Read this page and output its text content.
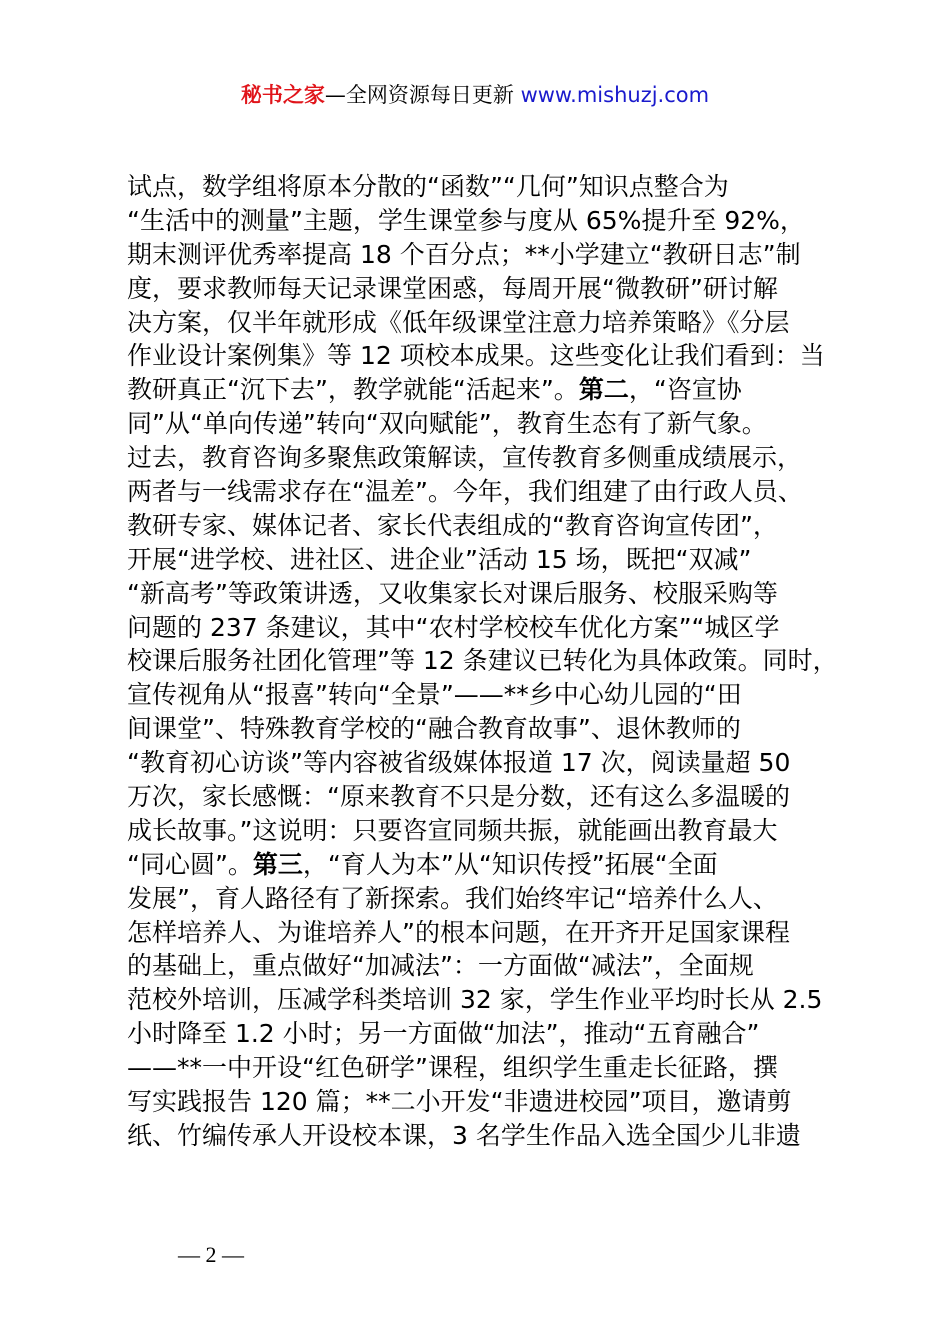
秘书之家—全网资源每日更新 www.mishuzj.com
试点，数学组将原本分散的“函数”“几何”知识点整合为
“生活中的测量”主题，学生课堂参与度从 65%提升至 92%，
期末测评优秀率提高 18 个百分点；**小学建立“教研日志”制
度，要求教师每天记录课堂困惑，每周开展“微教研”研讨解
决方案，仅半年就形成《低年级课堂注意力培养策略》《分层
作业设计案例集》等 12 项校本成果。这些变化让我们看到：当
教研真正“沉下去”，教学就能“活起来”。第二，“咨宣协
同”从“单向传递”转向“双向赋能”，教育生态有了新气象。
过去，教育咨询多聚焦政策解读，宣传教育多侧重成绩展示，
两者与一线需求存在“温差”。今年，我们组建了由行政人员、
教研专家、媒体记者、家长代表组成的“教育咨询宣传团”，
开展“进学校、进社区、进企业”活动 15 场，既把“双减”
“新高考”等政策讲透，又收集家长对课后服务、校服采购等
问题的 237 条建议，其中“农村学校校车优化方案”“城区学
校课后服务社团化管理”等 12 条建议已转化为具体政策。同时，
宣传视角从“报喜”转向“全景”——**乡中心幼儿园的“田
间课堂”、特殊教育学校的“融合教育故事”、退休教师的
“教育初心访谈”等内容被省级媒体报道 17 次，阅读量超 50
万次，家长感慨：“原来教育不只是分数，还有这么多温暖的
成长故事。”这说明：只要咨宣同频共振，就能画出教育最大
“同心圆”。第三，“育人为本”从“知识传授”拓展“全面
发展”，育人路径有了新探索。我们始终牢记“培养什么人、
怎样培养人、为谁培养人”的根本问题，在开齐开足国家课程
的基础上，重点做好“加减法”：一方面做“减法”，全面规
范校外培训，压减学科类培训 32 家，学生作业平均时长从 2.5
小时降至 1.2 小时；另一方面做“加法”，推动“五育融合”
——**一中开设“红色研学”课程，组织学生重走长征路，撰
写实践报告 120 篇；**二小开发“非遗进校园”项目，邀请剪
纸、竹编传承人开设校本课，3 名学生作品入选全国少儿非遗
— 2 —
